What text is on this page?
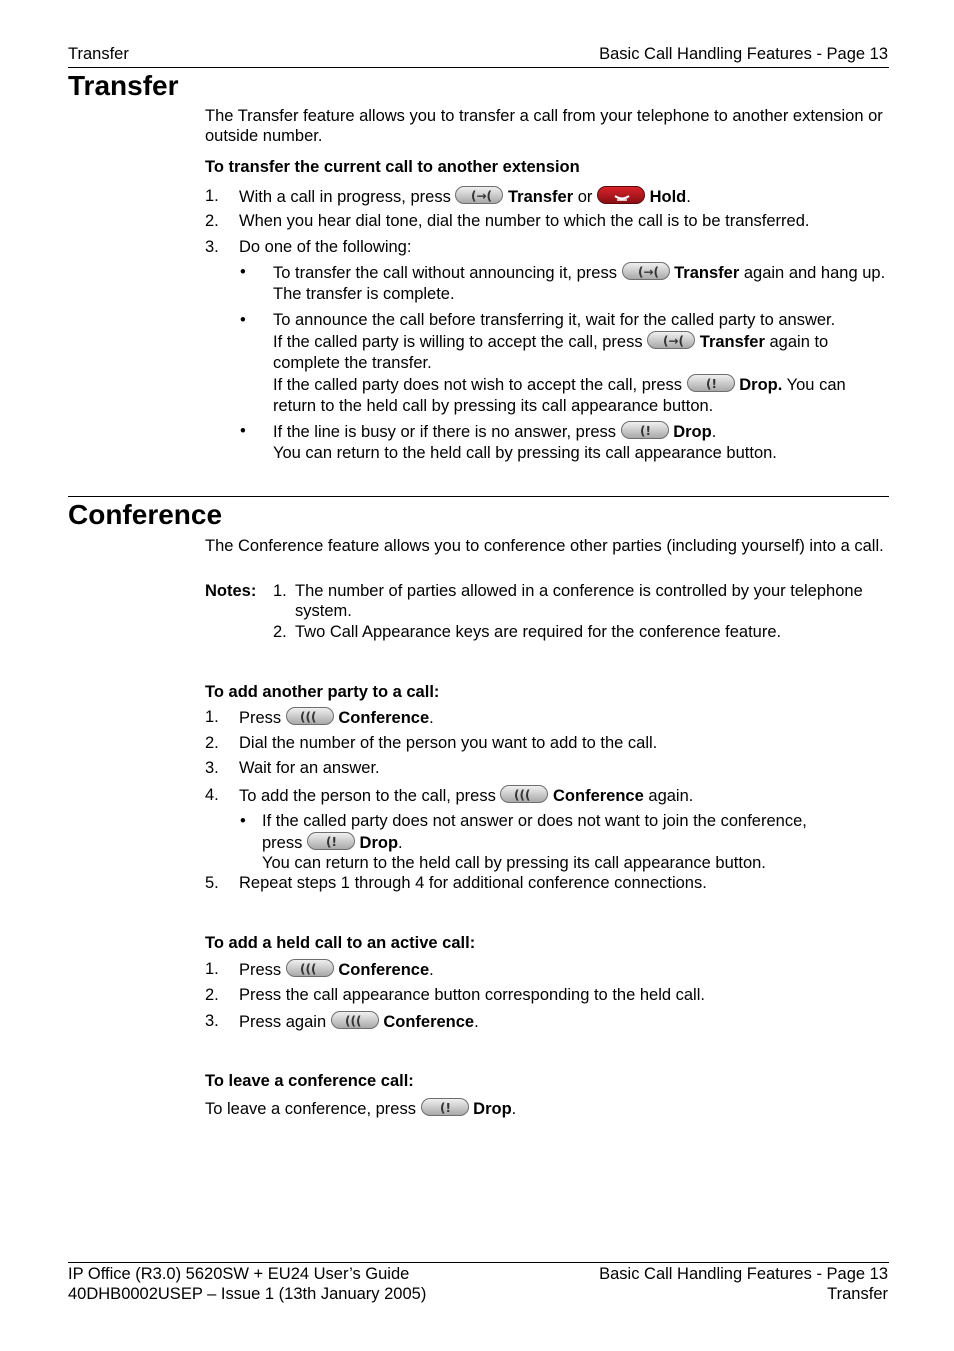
Transfer	Basic Call Handling Features - Page 13
Transfer
The Transfer feature allows you to transfer a call from your telephone to another extension or outside number.
To transfer the current call to another extension
1. With a call in progress, press (→( Transfer or	Hold.
2. When you hear dial tone, dial the number to which the call is to be transferred.
3. Do one of the following:
• To transfer the call without announcing it, press (→( Transfer again and hang up. The transfer is complete.
• To announce the call before transferring it, wait for the called party to answer.
If the called party is willing to accept the call, press (→( Transfer again to complete the transfer.
If the called party does not wish to accept the call, press (! Drop. You can return to the held call by pressing its call appearance button.
• If the line is busy or if there is no answer, press (! Drop.
You can return to the held call by pressing its call appearance button.
Conference
The Conference feature allows you to conference other parties (including yourself) into a call.
Notes: 1. The number of parties allowed in a conference is controlled by your telephone system.
2. Two Call Appearance keys are required for the conference feature.
To add another party to a call:
1. Press ((( Conference.
2. Dial the number of the person you want to add to the call.
3. Wait for an answer.
4. To add the person to the call, press ((( Conference again.
• If the called party does not answer or does not want to join the conference,
press (! Drop.
You can return to the held call by pressing its call appearance button.
5. Repeat steps 1 through 4 for additional conference connections.
To add a held call to an active call:
1. Press ((( Conference.
2. Press the call appearance button corresponding to the held call.
3. Press again ((( Conference.
To leave a conference call:
To leave a conference, press (! Drop.
IP Office (R3.0) 5620SW + EU24 User’s Guide
40DHB0002USEP – Issue 1 (13th January 2005)
Basic Call Handling Features - Page 13
Transfer
